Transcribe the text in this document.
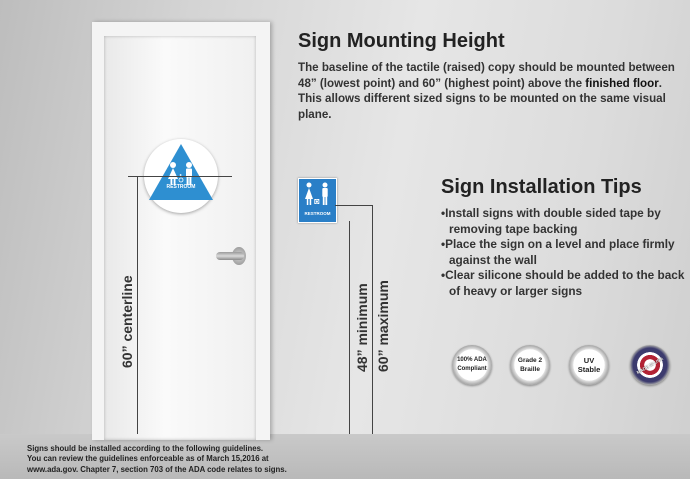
RESTROOM
RESTROOM
60” centerline	48” minimum 60” maximum
Sign Mounting Height
The baseline of the tactile (raised) copy should be mounted between 48” (lowest point) and 60” (highest point) above the finished floor. This allows different sized signs to be mounted on the same visual plane.
Sign Installation Tips
•Install signs with double sided tape by removing tape backing
•Place the sign on a level and place firmly against the wall
•Clear silicone should be added to the back of heavy or larger signs
100% ADA
Compliant
Grade 2
Braille
UV
Stable	MADE IN USA
Signs should be installed according to the following guidelines.
You can review the guidelines enforceable as of March 15,2016 at
www.ada.gov. Chapter 7, section 703 of the ADA code relates to signs.
